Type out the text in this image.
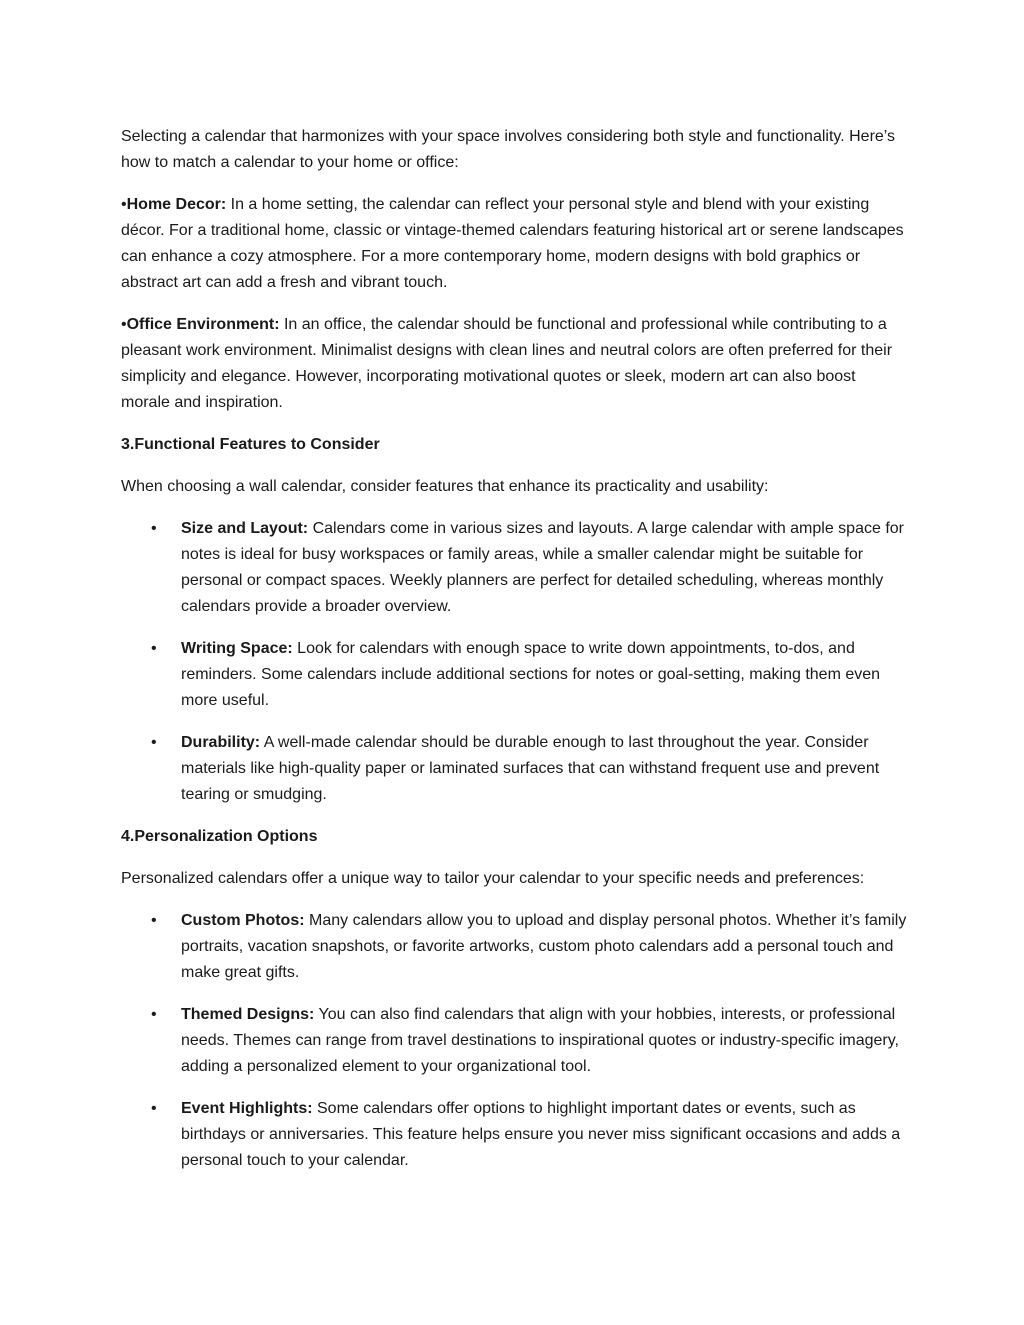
Selecting a calendar that harmonizes with your space involves considering both style and functionality. Here’s how to match a calendar to your home or office:

•Home Decor: In a home setting, the calendar can reflect your personal style and blend with your existing décor. For a traditional home, classic or vintage-themed calendars featuring historical art or serene landscapes can enhance a cozy atmosphere. For a more contemporary home, modern designs with bold graphics or abstract art can add a fresh and vibrant touch.

•Office Environment: In an office, the calendar should be functional and professional while contributing to a pleasant work environment. Minimalist designs with clean lines and neutral colors are often preferred for their simplicity and elegance. However, incorporating motivational quotes or sleek, modern art can also boost morale and inspiration.

3.Functional Features to Consider

When choosing a wall calendar, consider features that enhance its practicality and usability:

• Size and Layout: Calendars come in various sizes and layouts. A large calendar with ample space for notes is ideal for busy workspaces or family areas, while a smaller calendar might be suitable for personal or compact spaces. Weekly planners are perfect for detailed scheduling, whereas monthly calendars provide a broader overview.
• Writing Space: Look for calendars with enough space to write down appointments, to-dos, and reminders. Some calendars include additional sections for notes or goal-setting, making them even more useful.
• Durability: A well-made calendar should be durable enough to last throughout the year. Consider materials like high-quality paper or laminated surfaces that can withstand frequent use and prevent tearing or smudging.

4.Personalization Options

Personalized calendars offer a unique way to tailor your calendar to your specific needs and preferences:

• Custom Photos: Many calendars allow you to upload and display personal photos. Whether it’s family portraits, vacation snapshots, or favorite artworks, custom photo calendars add a personal touch and make great gifts.
• Themed Designs: You can also find calendars that align with your hobbies, interests, or professional needs. Themes can range from travel destinations to inspirational quotes or industry-specific imagery, adding a personalized element to your organizational tool.
• Event Highlights: Some calendars offer options to highlight important dates or events, such as birthdays or anniversaries. This feature helps ensure you never miss significant occasions and adds a personal touch to your calendar.
